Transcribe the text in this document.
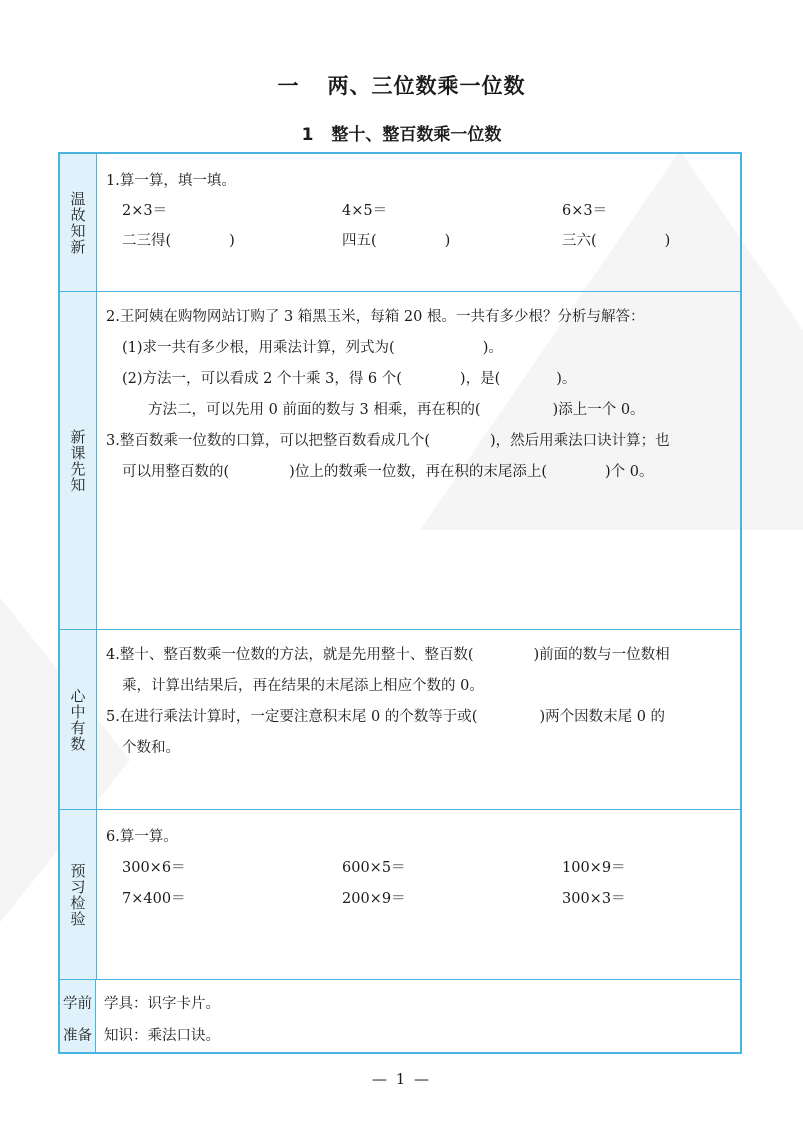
一 两、三位数乘一位数
1 整十、整百数乘一位数
温故知新
1.算一算，填一填。
2×3＝	4×5＝	6×3＝
二三得(	)	四五(	)	三六(	)
新课先知
2.王阿姨在购物网站订购了 3 箱黑玉米，每箱 20 根。一共有多少根？分析与解答：
(1)求一共有多少根，用乘法计算，列式为(	)。
(2)方法一，可以看成 2 个十乘 3，得 6 个(	)，是(	)。
方法二，可以先用 0 前面的数与 3 相乘，再在积的(	)添上一个 0。
3.整百数乘一位数的口算，可以把整百数看成几个(	)，然后用乘法口诀计算；也
可以用整百数的(	)位上的数乘一位数，再在积的末尾添上(	)个 0。
心中有数
4.整十、整百数乘一位数的方法，就是先用整十、整百数(	)前面的数与一位数相
乘，计算出结果后，再在结果的末尾添上相应个数的 0。
5.在进行乘法计算时，一定要注意积末尾 0 的个数等于或(	)两个因数末尾 0 的
个数和。
预习检验
6.算一算。
300×6＝	600×5＝	100×9＝
7×400＝	200×9＝	300×3＝
学前
准备
学具：识字卡片。
知识：乘法口诀。
— 1 —
